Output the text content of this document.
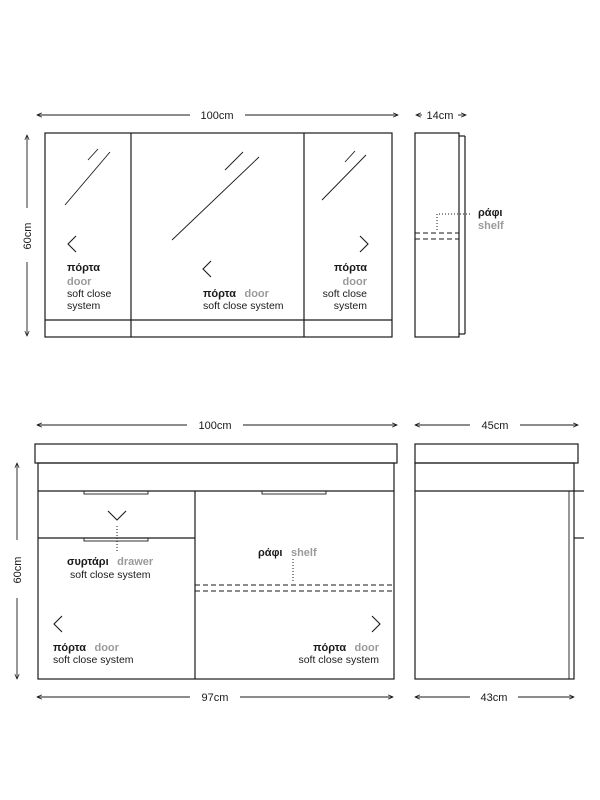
100cm
60cm
πόρτα
door
soft close
system
πόρτα door
soft close system
πόρτα
door
soft close
system
14cm
ράφι
shelf
100cm
60cm	συρτάρι drawer
soft close system
ράφι shelf
πόρτα door
soft close system
πόρτα door
soft close system
97cm
45cm
43cm
